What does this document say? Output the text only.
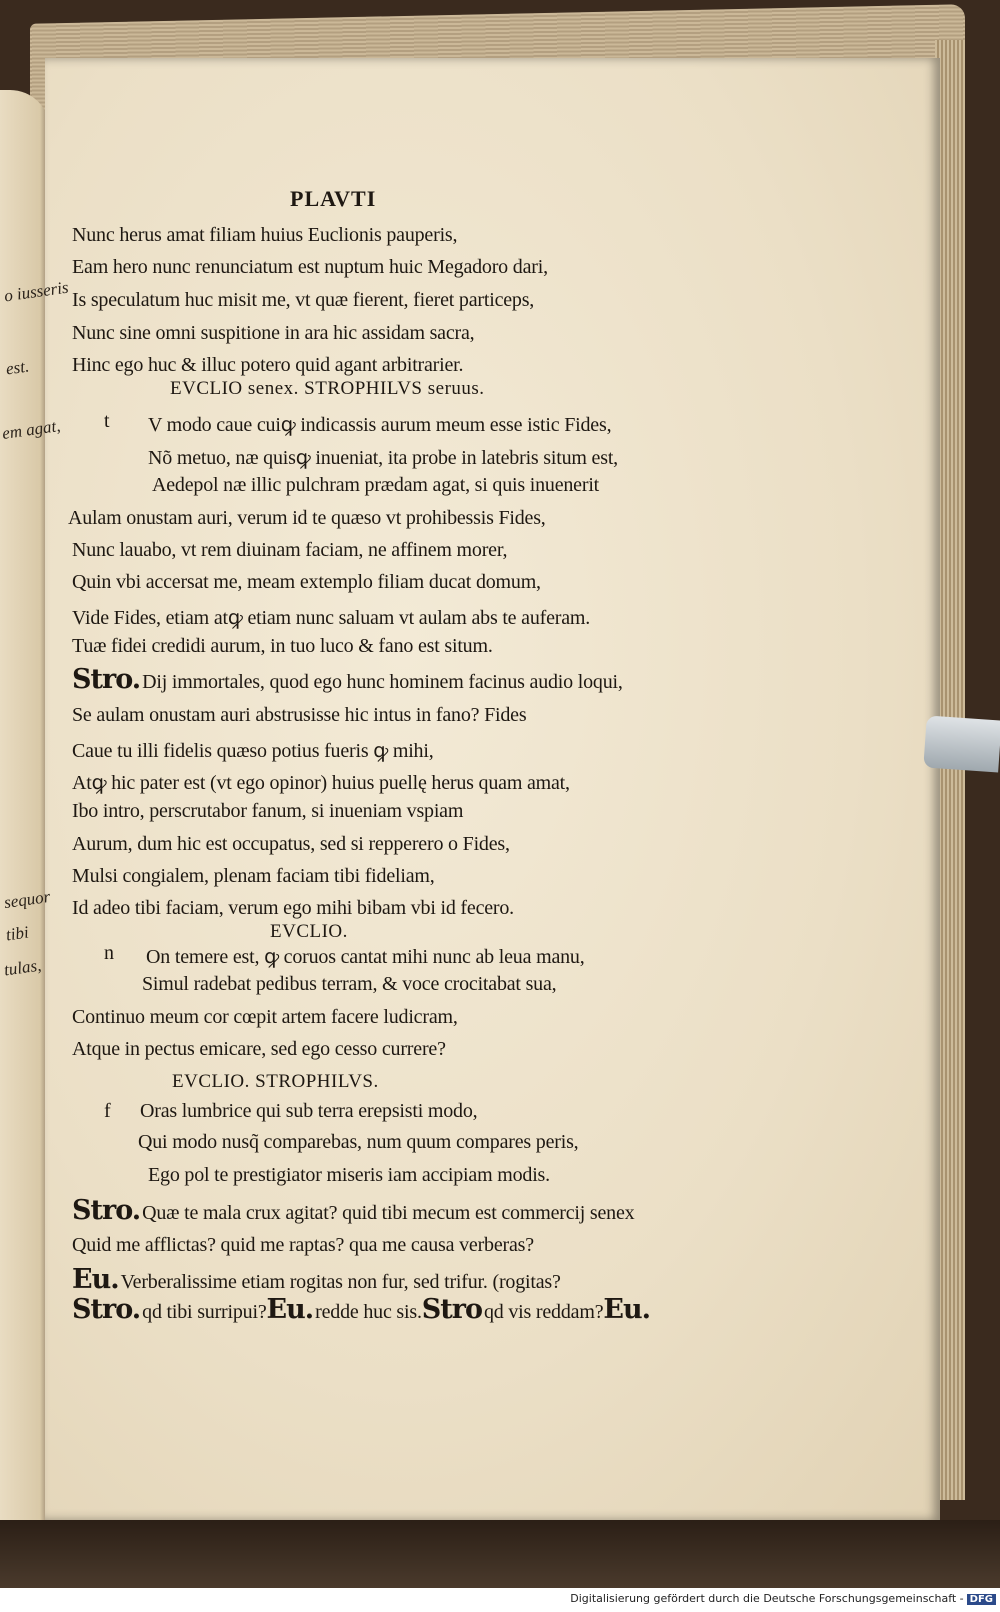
o iusseris
est.
em agat,
sequor
tibi
tulas,
PLAVTI
Nunc herus amat filiam huius Euclionis pauperis,
Eam hero nunc renunciatum est nuptum huic Megadoro dari,
Is speculatum huc misit me, vt quæ fierent, fieret particeps,
Nunc sine omni suspitione in ara hic assidam sacra,
Hinc ego huc & illuc potero quid agant arbitrarier.
EVCLIO senex. STROPHILVS seruus.
V modo caue cuiꝙ indicassis aurum meum esse istic Fides,
t
Nõ metuo, næ quisꝙ inueniat, ita probe in latebris situm est,
Aedepol næ illic pulchram prædam agat, si quis inuenerit
Aulam onustam auri, verum id te quæso vt prohibessis Fides,
Nunc lauabo, vt rem diuinam faciam, ne affinem morer,
Quin vbi accersat me, meam extemplo filiam ducat domum,
Vide Fides, etiam atꝙ etiam nunc saluam vt aulam abs te auferam.
Tuæ fidei credidi aurum, in tuo luco & fano est situm.
Stro. Dij immortales, quod ego hunc hominem facinus audio loqui,
Se aulam onustam auri abstrusisse hic intus in fano? Fides
Caue tu illi fidelis quæso potius fueris ꝙ mihi,
Atꝙ hic pater est (vt ego opinor) huius puellę herus quam amat,
Ibo intro, perscrutabor fanum, si inueniam vspiam
Aurum, dum hic est occupatus, sed si repperero o Fides,
Mulsi congialem, plenam faciam tibi fideliam,
Id adeo tibi faciam, verum ego mihi bibam vbi id fecero.
EVCLIO.
On temere est, ꝙ coruos cantat mihi nunc ab leua manu,
n
Simul radebat pedibus terram, & voce crocitabat sua,
Continuo meum cor cœpit artem facere ludicram,
Atque in pectus emicare, sed ego cesso currere?
EVCLIO. STROPHILVS.
Oras lumbrice qui sub terra erepsisti modo,
f
Qui modo nusq̃ comparebas, num quum compares peris,
Ego pol te prestigiator miseris iam accipiam modis.
Stro. Quæ te mala crux agitat? quid tibi mecum est commercij senex
Quid me afflictas? quid me raptas? qua me causa verberas?
Eu. Verberalissime etiam rogitas non fur, sed trifur. (rogitas?
Stro. qd tibi surripui?Eu. redde huc sis.Stro qd vis reddam?Eu.
Digitalisierung gefördert durch die Deutsche Forschungsgemeinschaft - DFG
